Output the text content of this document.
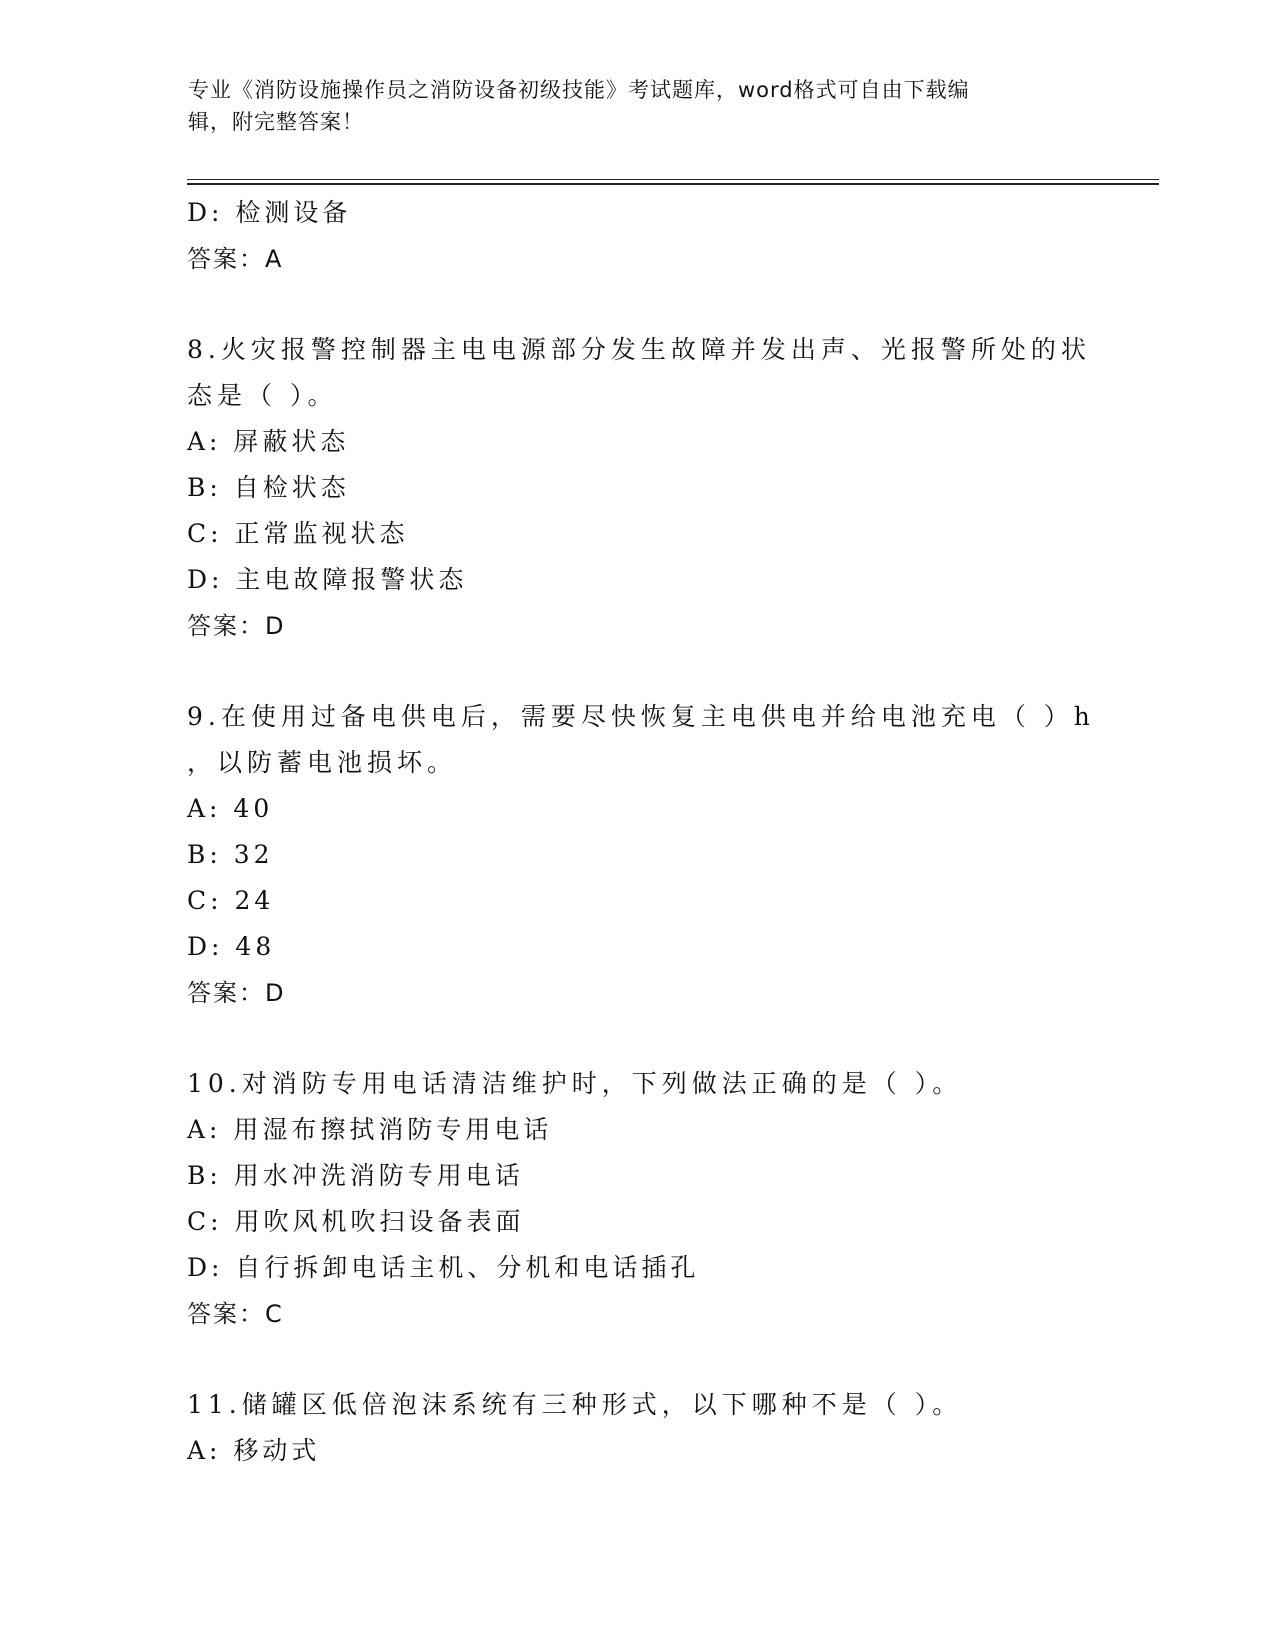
专业《消防设施操作员之消防设备初级技能》考试题库，word格式可自由下载编
辑，附完整答案！
D: 检测设备
答案：A
8.火灾报警控制器主电电源部分发生故障并发出声、光报警所处的状
态是（ ）。
A: 屏蔽状态
B: 自检状态
C: 正常监视状态
D: 主电故障报警状态
答案：D
9.在使用过备电供电后，需要尽快恢复主电供电并给电池充电（ ）h
，以防蓄电池损坏。
A: 40
B: 32
C: 24
D: 48
答案：D
10.对消防专用电话清洁维护时，下列做法正确的是（ ）。
A: 用湿布擦拭消防专用电话
B: 用水冲洗消防专用电话
C: 用吹风机吹扫设备表面
D: 自行拆卸电话主机、分机和电话插孔
答案：C
11.储罐区低倍泡沫系统有三种形式，以下哪种不是（ ）。
A: 移动式
